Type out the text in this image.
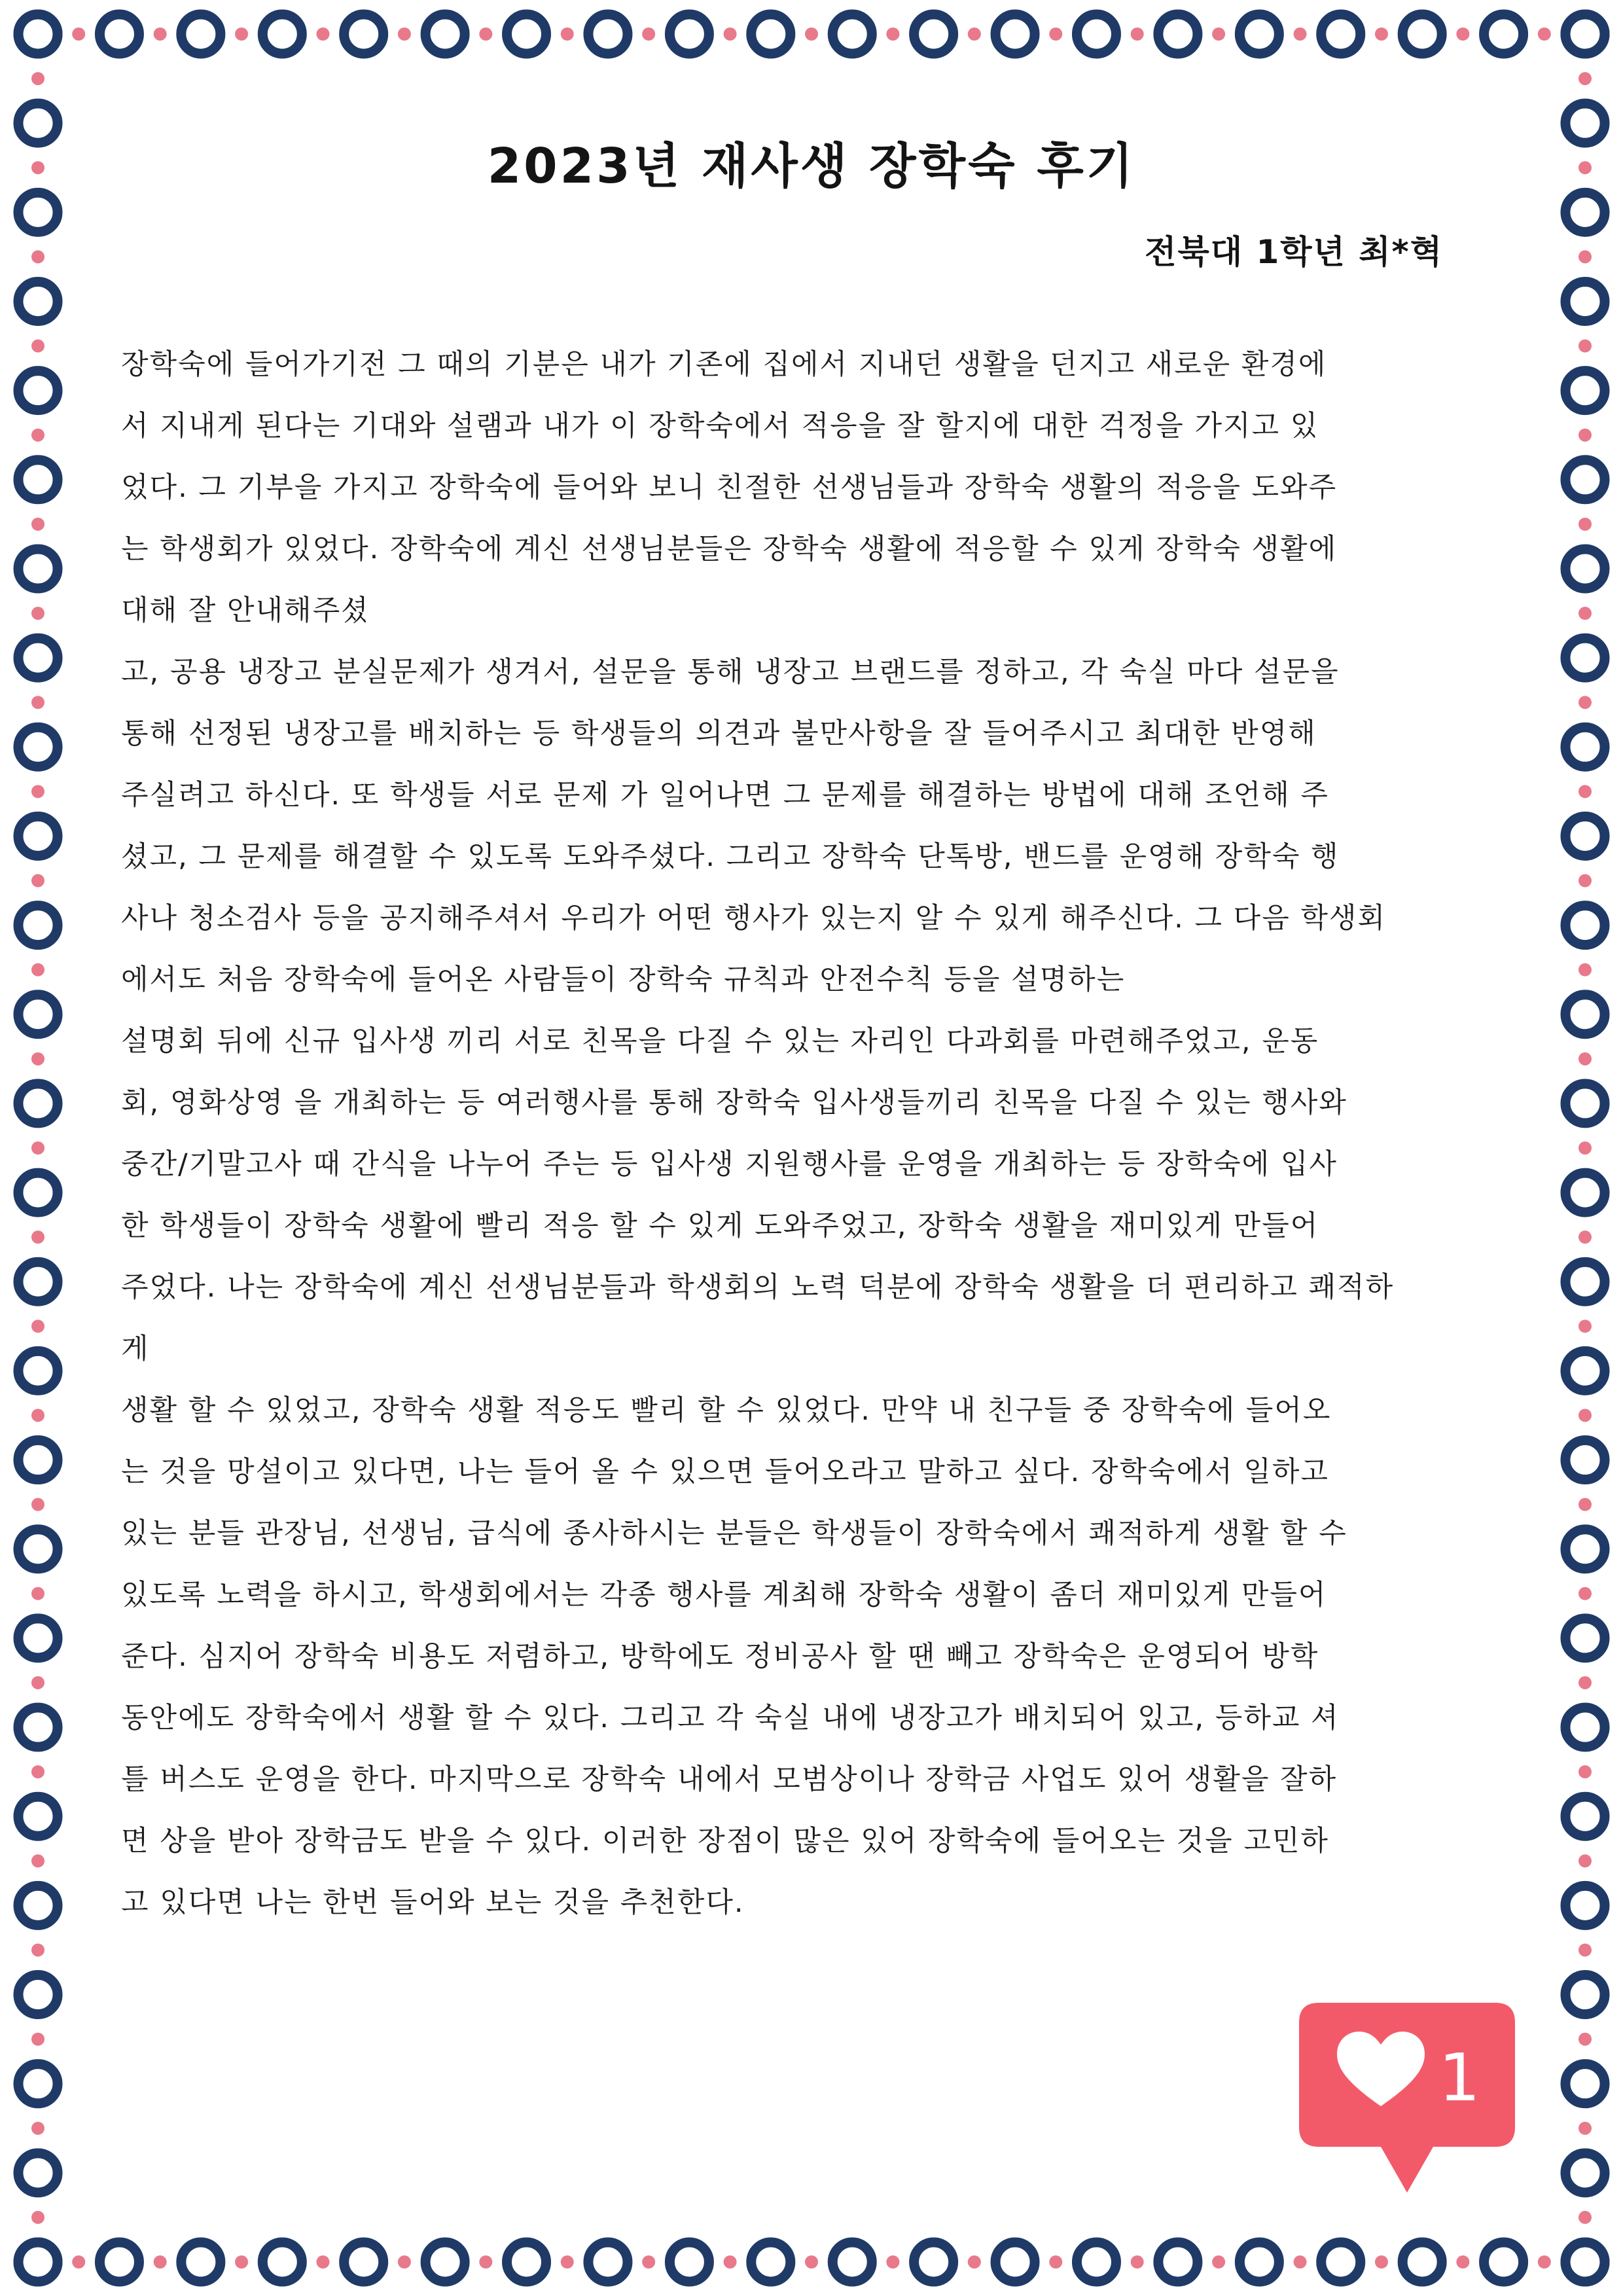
2023년 재사생 장학숙 후기
전북대 1학년 최*혁
장학숙에 들어가기전 그 때의 기분은 내가 기존에 집에서 지내던 생활을 던지고 새로운 환경에
서 지내게 된다는 기대와 설램과 내가 이 장학숙에서 적응을 잘 할지에 대한 걱정을 가지고 있
었다. 그 기부을 가지고 장학숙에 들어와 보니 친절한 선생님들과 장학숙 생활의 적응을 도와주
는 학생회가 있었다. 장학숙에 계신 선생님분들은 장학숙 생활에 적응할 수 있게 장학숙 생활에
대해 잘 안내해주셨
고, 공용 냉장고 분실문제가 생겨서, 설문을 통해 냉장고 브랜드를 정하고, 각 숙실 마다 설문을
통해 선정된 냉장고를 배치하는 등 학생들의 의견과 불만사항을 잘 들어주시고 최대한 반영해
주실려고 하신다. 또 학생들 서로 문제 가 일어나면 그 문제를 해결하는 방법에 대해 조언해 주
셨고, 그 문제를 해결할 수 있도록 도와주셨다. 그리고 장학숙 단톡방, 밴드를 운영해 장학숙 행
사나 청소검사 등을 공지해주셔서 우리가 어떤 행사가 있는지 알 수 있게 해주신다. 그 다음 학생회
에서도 처음 장학숙에 들어온 사람들이 장학숙 규칙과 안전수칙 등을 설명하는
설명회 뒤에 신규 입사생 끼리 서로 친목을 다질 수 있는 자리인 다과회를 마련해주었고, 운동
회, 영화상영 을 개최하는 등 여러행사를 통해 장학숙 입사생들끼리 친목을 다질 수 있는 행사와
중간/기말고사 때 간식을 나누어 주는 등 입사생 지원행사를 운영을 개최하는 등 장학숙에 입사
한 학생들이 장학숙 생활에 빨리 적응 할 수 있게 도와주었고, 장학숙 생활을 재미있게 만들어
주었다. 나는 장학숙에 계신 선생님분들과 학생회의 노력 덕분에 장학숙 생활을 더 편리하고 쾌적하
게
생활 할 수 있었고, 장학숙 생활 적응도 빨리 할 수 있었다. 만약 내 친구들 중 장학숙에 들어오
는 것을 망설이고 있다면, 나는 들어 올 수 있으면 들어오라고 말하고 싶다. 장학숙에서 일하고
있는 분들 관장님, 선생님, 급식에 종사하시는 분들은 학생들이 장학숙에서 쾌적하게 생활 할 수
있도록 노력을 하시고, 학생회에서는 각종 행사를 계최해 장학숙 생활이 좀더 재미있게 만들어
준다. 심지어 장학숙 비용도 저렴하고, 방학에도 정비공사 할 땐 빼고 장학숙은 운영되어 방학
동안에도 장학숙에서 생활 할 수 있다. 그리고 각 숙실 내에 냉장고가 배치되어 있고, 등하교 셔
틀 버스도 운영을 한다. 마지막으로 장학숙 내에서 모범상이나 장학금 사업도 있어 생활을 잘하
면 상을 받아 장학금도 받을 수 있다. 이러한 장점이 많은 있어 장학숙에 들어오는 것을 고민하
고 있다면 나는 한번 들어와 보는 것을 추천한다.
1
